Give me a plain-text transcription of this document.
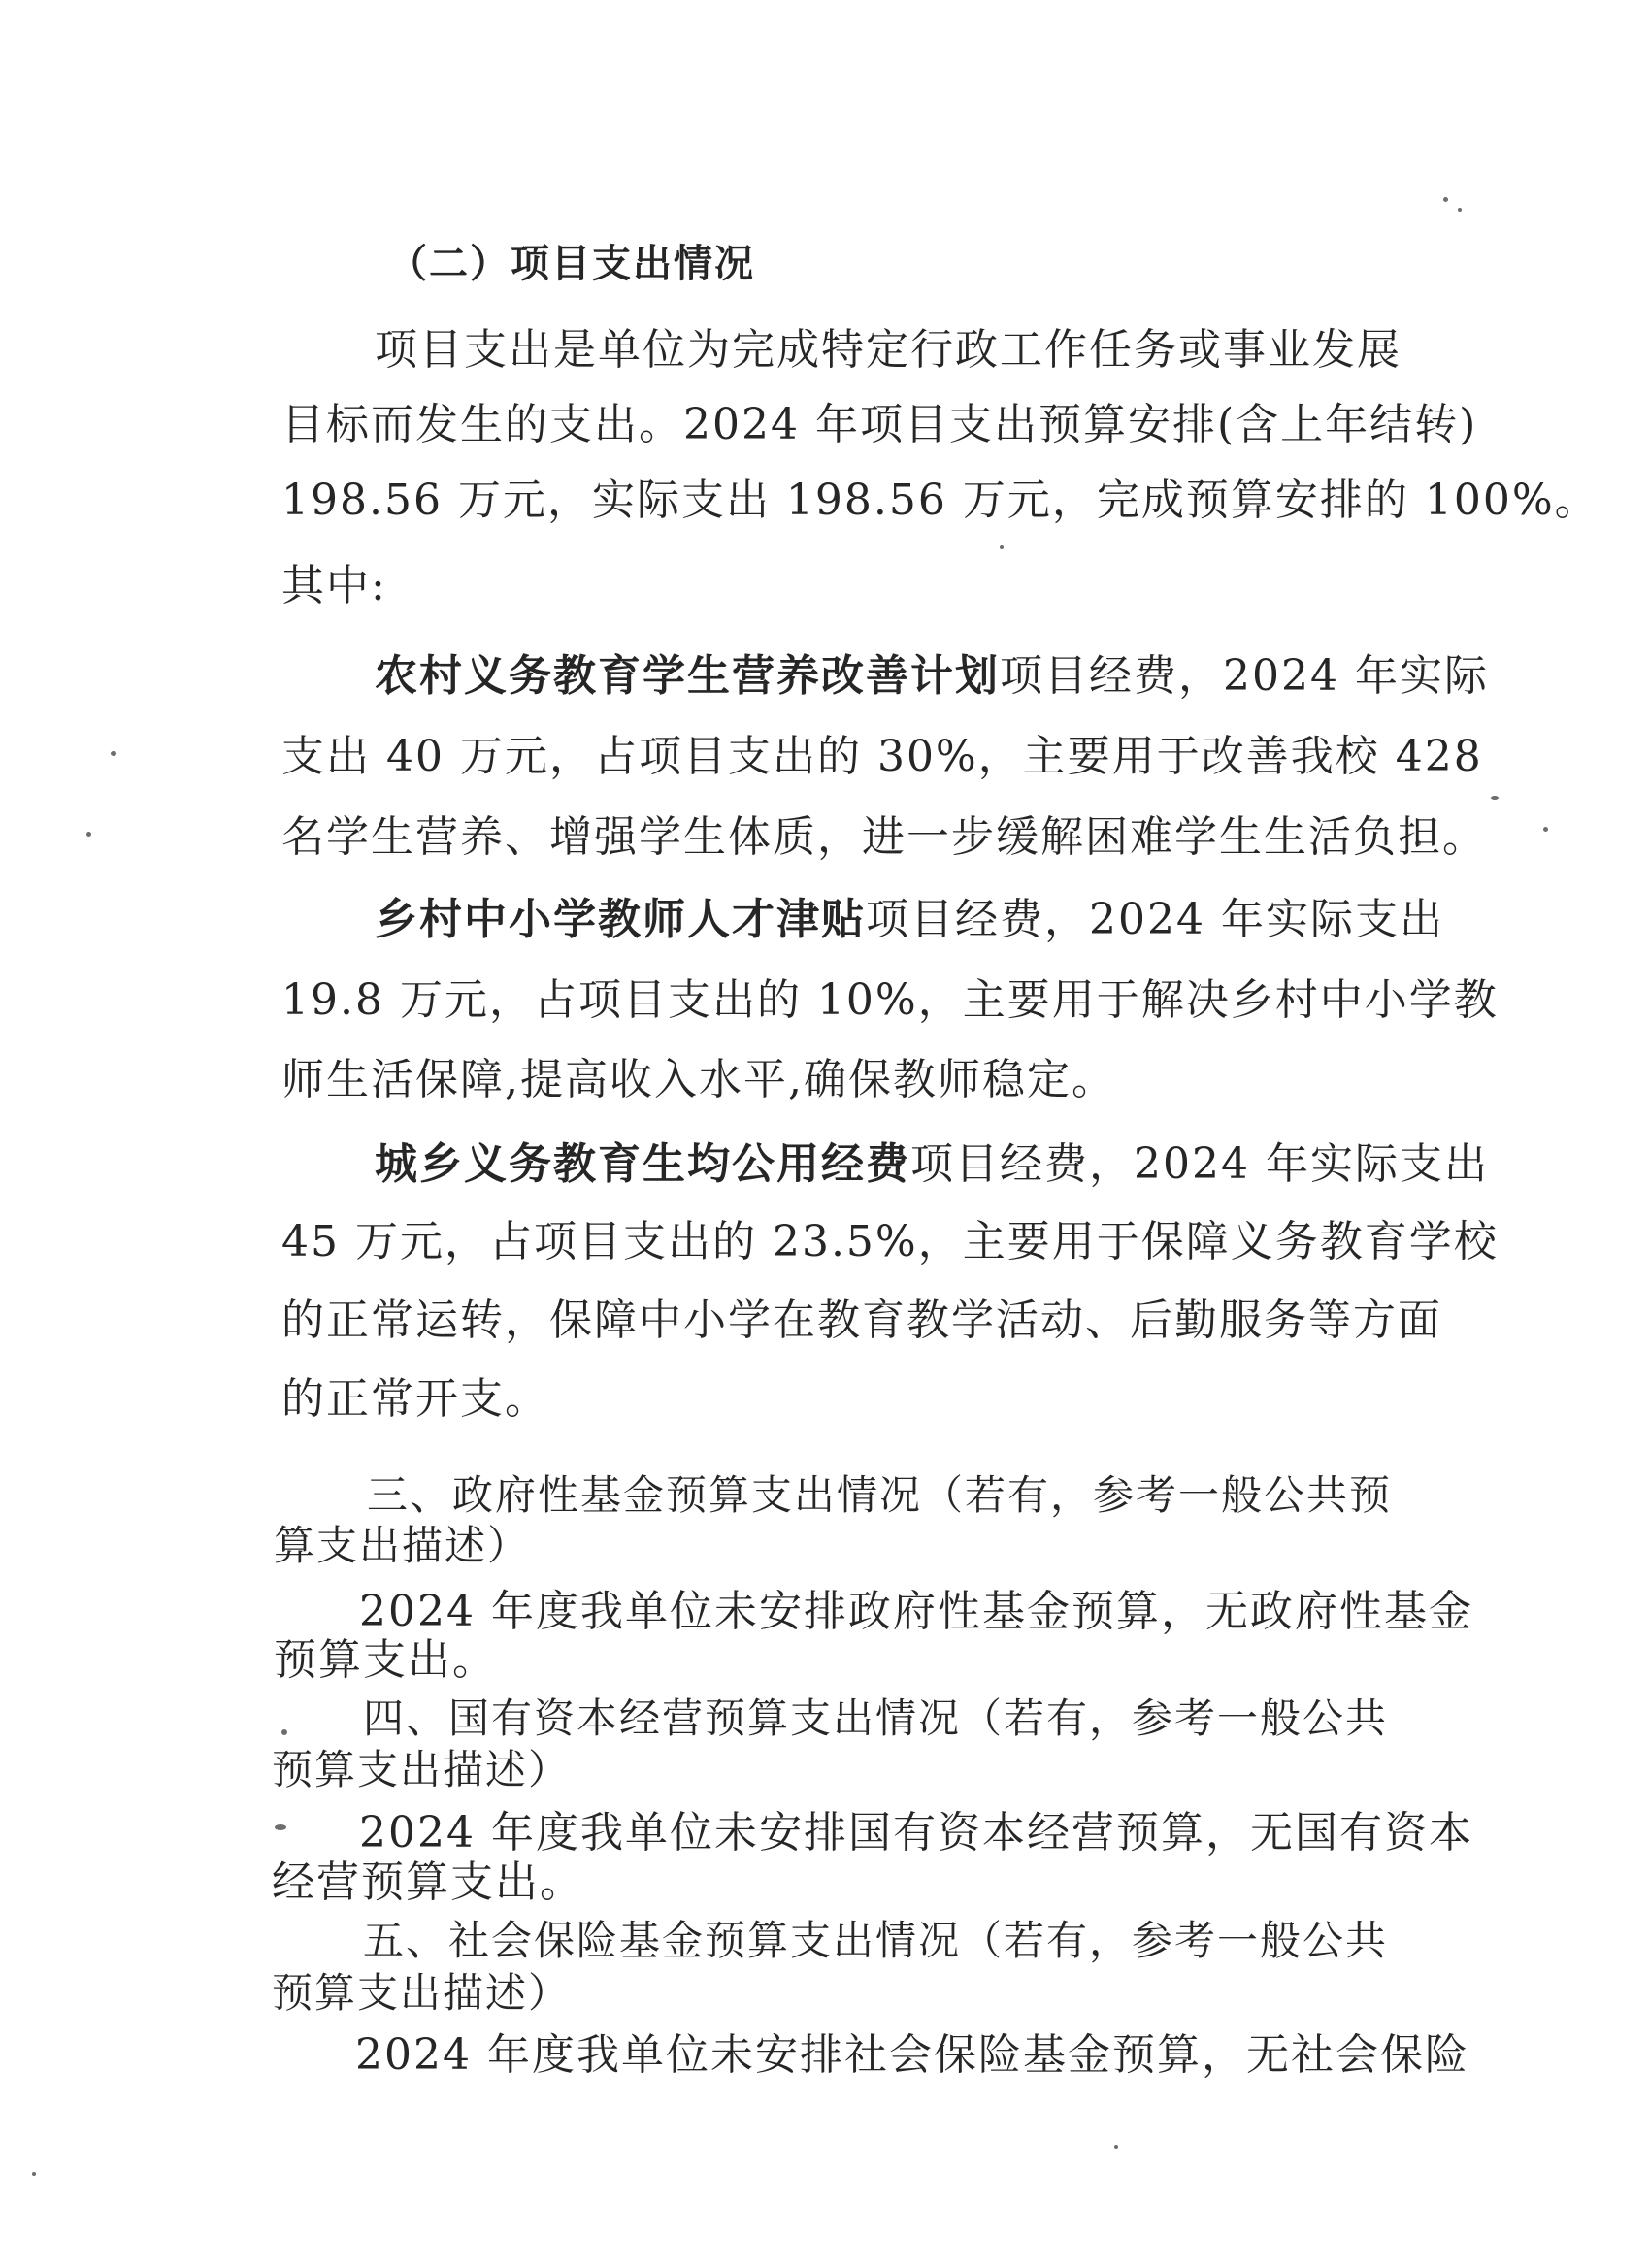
（二）项目支出情况
项目支出是单位为完成特定行政工作任务或事业发展
目标而发生的支出。2024 年项目支出预算安排(含上年结转)
198.56 万元，实际支出 198.56 万元，完成预算安排的 100%。
其中:
农村义务教育学生营养改善计划项目经费，2024 年实际
支出 40 万元，占项目支出的 30%，主要用于改善我校 428
名学生营养、增强学生体质，进一步缓解困难学生生活负担。
乡村中小学教师人才津贴项目经费，2024 年实际支出
19.8 万元，占项目支出的 10%，主要用于解决乡村中小学教
师生活保障,提高收入水平,确保教师稳定。
城乡义务教育生均公用经费项目经费，2024 年实际支出
45 万元，占项目支出的 23.5%，主要用于保障义务教育学校
的正常运转，保障中小学在教育教学活动、后勤服务等方面
的正常开支。
三、政府性基金预算支出情况（若有，参考一般公共预
算支出描述）
2024 年度我单位未安排政府性基金预算，无政府性基金
预算支出。
四、国有资本经营预算支出情况（若有，参考一般公共
预算支出描述）
2024 年度我单位未安排国有资本经营预算，无国有资本
经营预算支出。
五、社会保险基金预算支出情况（若有，参考一般公共
预算支出描述）
2024 年度我单位未安排社会保险基金预算，无社会保险
